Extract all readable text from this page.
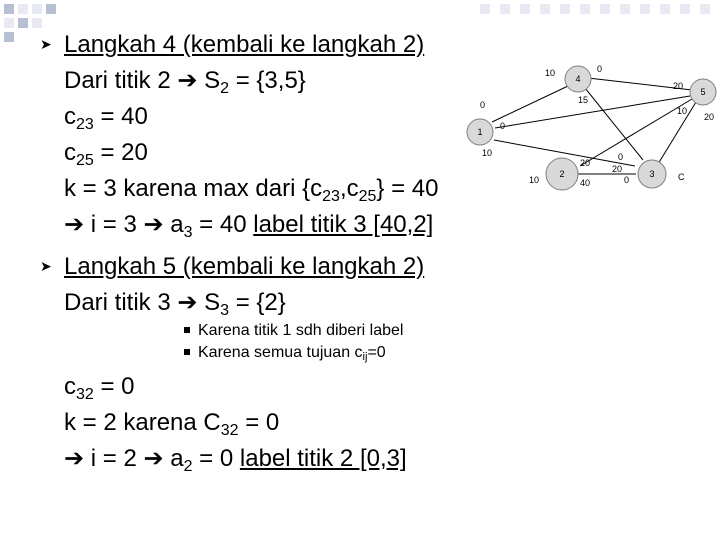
➤ Langkah 4 (kembali ke langkah 2)
Dari titik 2 ➔ $S_2 = \{3,5\}$
$c_{23} = 40$
$c_{25} = 20$
k = 3 karena max dari $\{c_{23},c_{25}\} = 40$
➔ i = 3 ➔ $a_3 = 40$ label titik 3 [40,2]
➤ Langkah 5 (kembali ke langkah 2)
Dari titik 3 ➔ $S_3 = \{2\}$
Karena titik 1 sdh diberi label
Karena semua tujuan cij=0
$c_{32} = 0$
k = 2 karena $C_{32} = 0$
➔ i = 2 ➔ $a_2 = 0$ label titik 2 [0,3]
4
5
1
2	3
10	0
15
20
10
20
0
0
10
10
20
40
0
20
0	C
